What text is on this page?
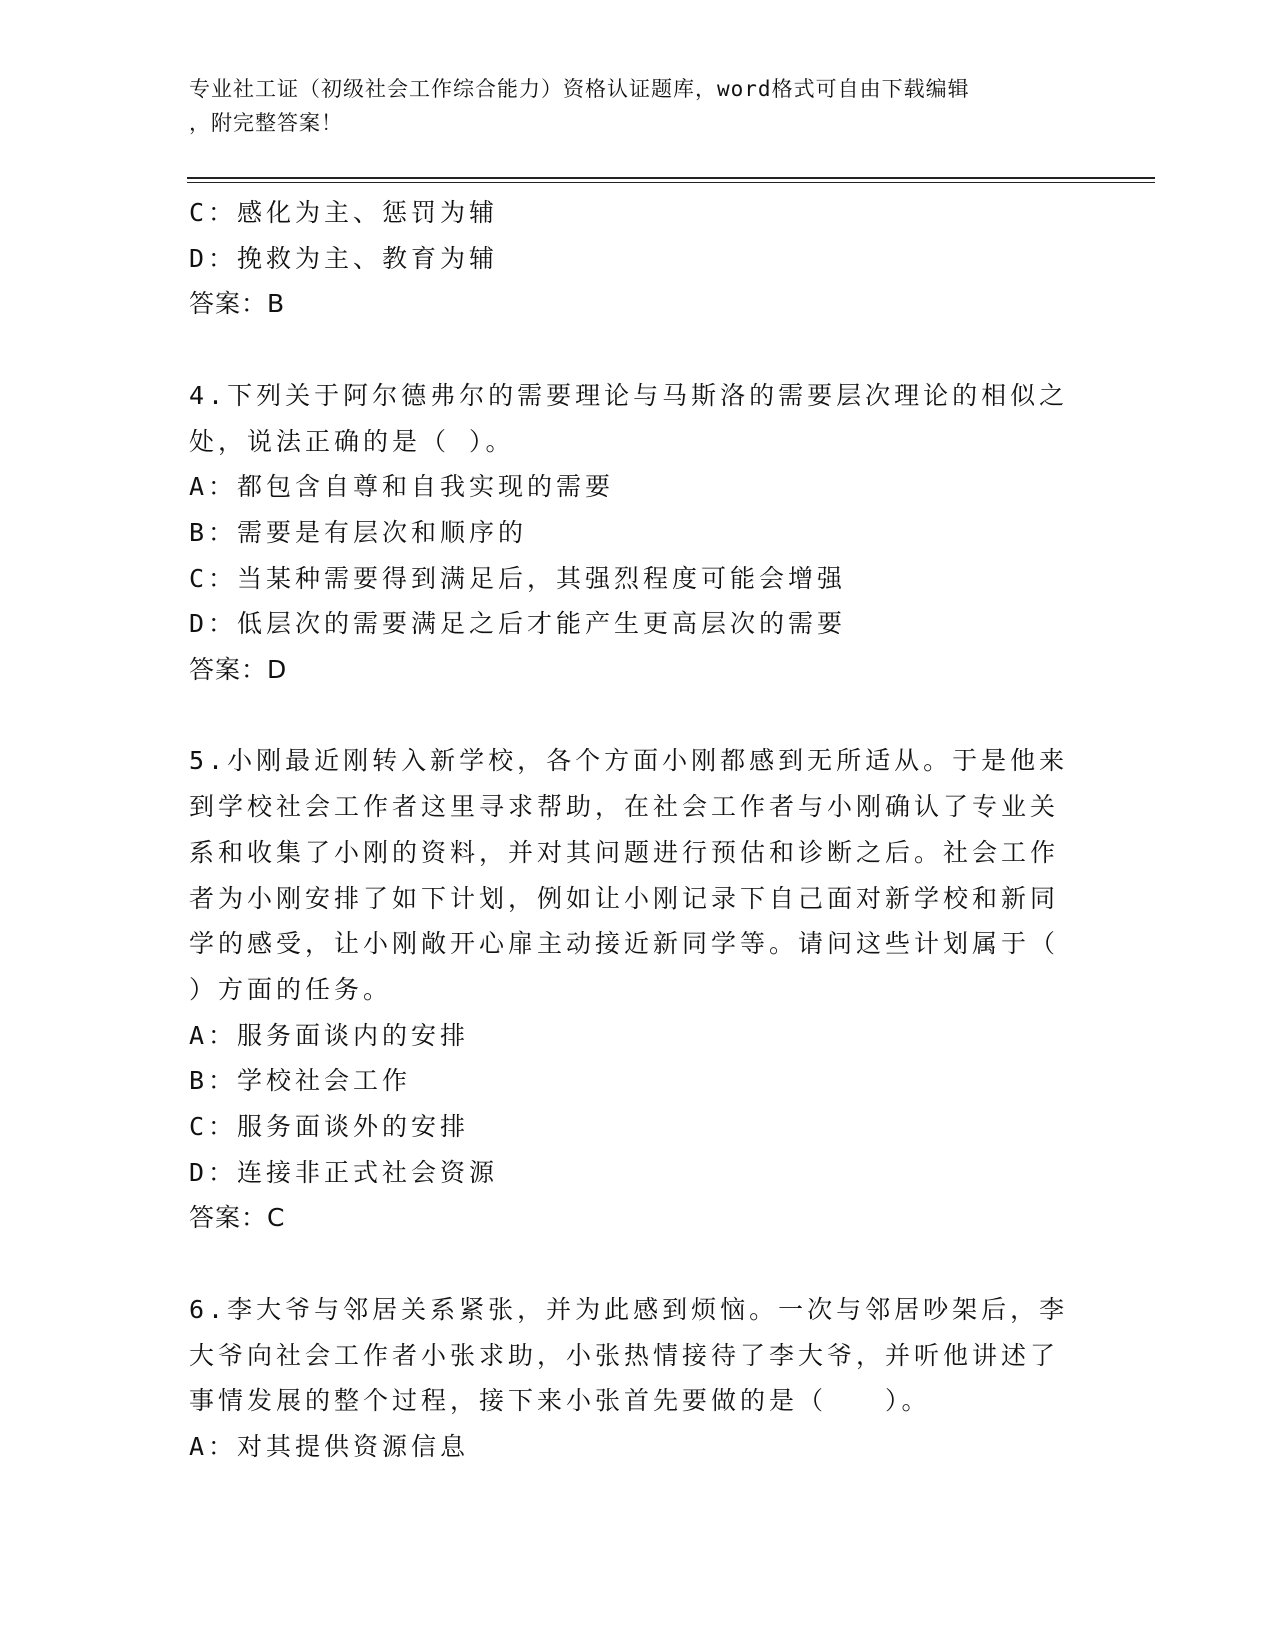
专业社工证（初级社会工作综合能力）资格认证题库，word格式可自由下载编辑
，附完整答案！
C：感化为主、惩罚为辅
D：挽救为主、教育为辅
答案：B
4.下列关于阿尔德弗尔的需要理论与马斯洛的需要层次理论的相似之
处，说法正确的是（ ）。
A：都包含自尊和自我实现的需要
B：需要是有层次和顺序的
C：当某种需要得到满足后，其强烈程度可能会增强
D：低层次的需要满足之后才能产生更高层次的需要
答案：D
5.小刚最近刚转入新学校，各个方面小刚都感到无所适从。于是他来
到学校社会工作者这里寻求帮助，在社会工作者与小刚确认了专业关
系和收集了小刚的资料，并对其问题进行预估和诊断之后。社会工作
者为小刚安排了如下计划，例如让小刚记录下自己面对新学校和新同
学的感受，让小刚敞开心扉主动接近新同学等。请问这些计划属于（
）方面的任务。
A：服务面谈内的安排
B：学校社会工作
C：服务面谈外的安排
D：连接非正式社会资源
答案：C
6.李大爷与邻居关系紧张，并为此感到烦恼。一次与邻居吵架后，李
大爷向社会工作者小张求助，小张热情接待了李大爷，并听他讲述了
事情发展的整个过程，接下来小张首先要做的是（　　）。
A：对其提供资源信息
